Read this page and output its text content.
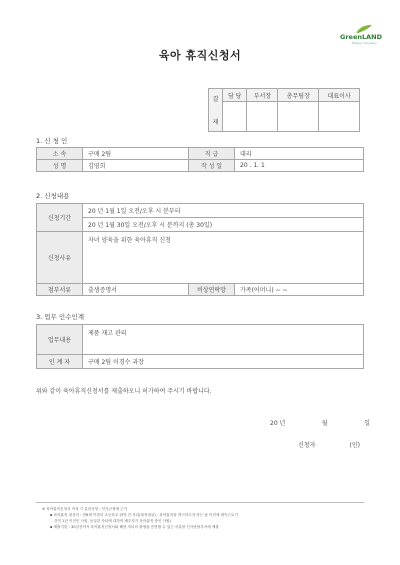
GreenLAND
Happy Company
육아 휴직신청서
결
재	담 당	부서장	총무팀장	대표이사

1. 신 청 인
소 속	구매 2팀	직 급	대리
성 명	김영희	작 성 일	20 . 1. 1
2. 신청내용
신청기간	20 년 1월 1일 오전/오후 시 분부터		
	20 년 1월 30일 오전/오후 시 분까지 (총 30일)		
신청사유	자녀 양육을 위한 육아휴직 신청		
첨부서류	출생증명서	비상연락망	가족(어머니) ~ ~
3. 업무 인수인계
업무내용	제품 재고 관리
인 계 자	구매 2팀 이경수 과장
위와 같이 육아휴직신청서를 제출하오니 허가하여 주시기 바랍니다.
20 년	월	일
신청자	(인)
※ 육아휴직신청서 작성 시 유의사항 : 인사규정에 근거
▪ 육아휴직 대상자 : 만8세 이하의 초등학교 취학 전 자녀(복직대상) : 육아휴직을 개시하고자 하는 날 이전에 계속근로기
간이 1년 이전인 사원, 동일한 자녀에 대하여 배우자가 육아휴직 중인 사원)
▪ 제출기한 : 30일전까지 육아휴직신청서와 해당 자녀의 출생을 증명할 수 있는 서류를 인사담당부서에 제출
